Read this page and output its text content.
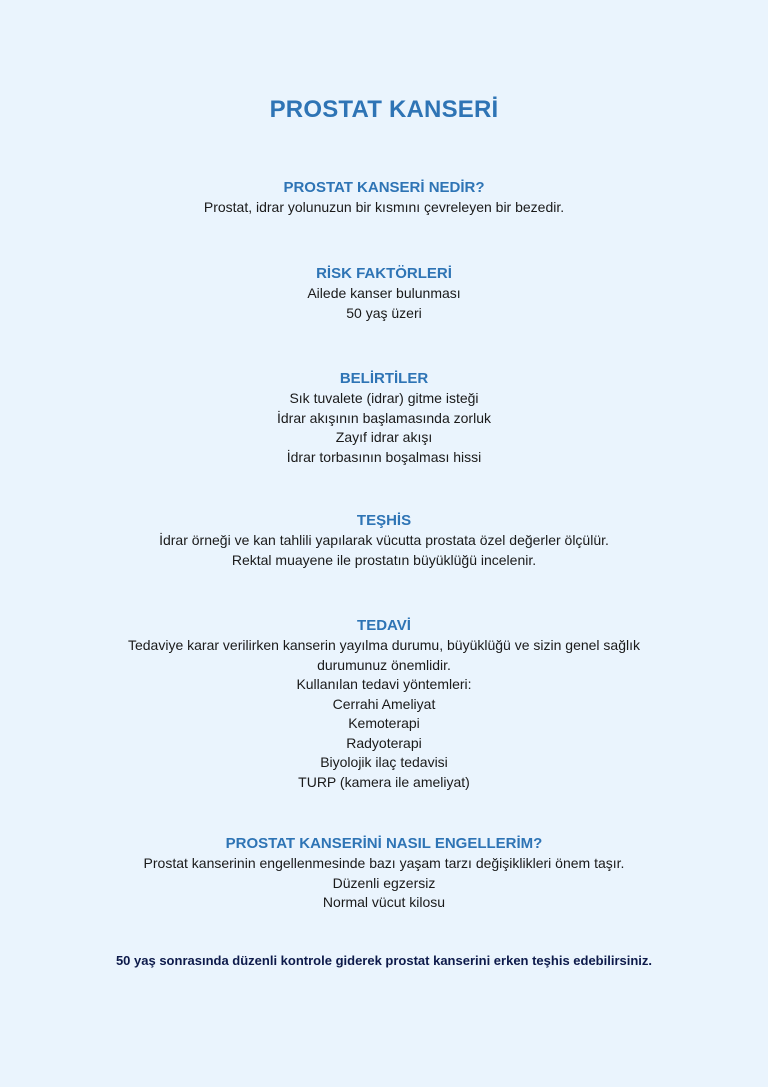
PROSTAT KANSERİ
PROSTAT KANSERİ NEDİR?
Prostat, idrar yolunuzun bir kısmını çevreleyen bir bezedir.
RİSK FAKTÖRLERİ
Ailede kanser bulunması
50 yaş üzeri
BELİRTİLER
Sık tuvalete (idrar) gitme isteği
İdrar akışının başlamasında zorluk
Zayıf idrar akışı
İdrar torbasının boşalması hissi
TEŞHİS
İdrar örneği ve kan tahlili yapılarak vücutta prostata özel değerler ölçülür.
Rektal muayene ile prostatın büyüklüğü incelenir.
TEDAVİ
Tedaviye karar verilirken kanserin yayılma durumu, büyüklüğü ve sizin genel sağlık durumunuz önemlidir.
Kullanılan tedavi yöntemleri:
Cerrahi Ameliyat
Kemoterapi
Radyoterapi
Biyolojik ilaç tedavisi
TURP (kamera ile ameliyat)
PROSTAT KANSERİNİ NASIL ENGELLERİM?
Prostat kanserinin engellenmesinde bazı yaşam tarzı değişiklikleri önem taşır.
Düzenli egzersiz
Normal vücut kilosu
50 yaş sonrasında düzenli kontrole giderek prostat kanserini erken teşhis edebilirsiniz.
